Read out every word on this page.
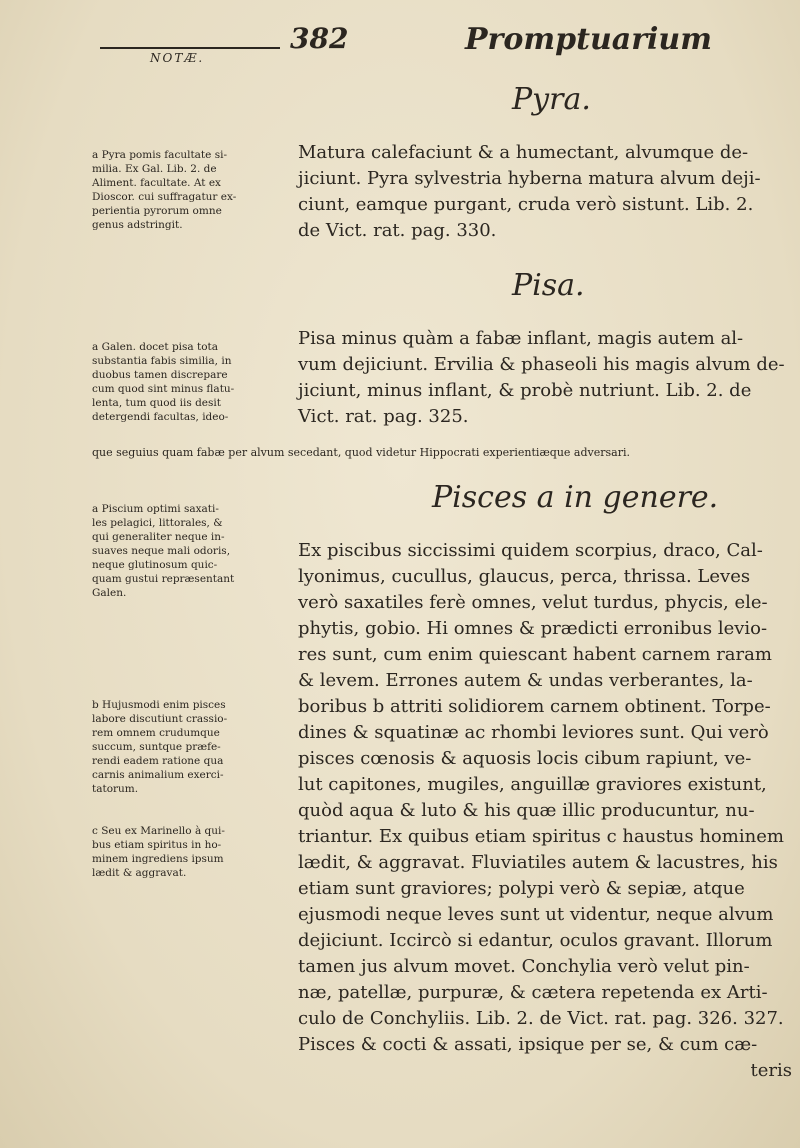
NOTÆ.
382	Promptuarium
Pyra.
a Pyra pomis facultate si-
milia. Ex Gal. Lib. 2. de
Aliment. facultate. At ex
Dioscor. cui suffragatur ex-
perientia pyrorum omne
genus adstringit.
Matura calefaciunt & a humectant, alvumque de-
jiciunt. Pyra sylvestria hyberna matura alvum deji-
ciunt, eamque purgant, cruda verò sistunt. Lib. 2.
de Vict. rat. pag. 330.
Pisa.
a Galen. docet pisa tota
substantia fabis similia, in
duobus tamen discrepare
cum quod sint minus flatu-
lenta, tum quod iis desit
detergendi facultas, ideo-
Pisa minus quàm a fabæ inflant, magis autem al-
vum dejiciunt. Ervilia & phaseoli his magis alvum de-
jiciunt, minus inflant, & probè nutriunt. Lib. 2. de
Vict. rat. pag. 325.
que seguius quam fabæ per alvum secedant, quod videtur Hippocrati experientiæque adversari.
Pisces a in genere.
a Piscium optimi saxati-
les pelagici, littorales, &
qui generaliter neque in-
suaves neque mali odoris,
neque glutinosum quic-
quam gustui repræsentant
Galen.
b Hujusmodi enim pisces
labore discutiunt crassio-
rem omnem crudumque
succum, suntque præfe-
rendi eadem ratione qua
carnis animalium exerci-
tatorum.
c Seu ex Marinello à qui-
bus etiam spiritus in ho-
minem ingrediens ipsum
lædit & aggravat.
Ex piscibus siccissimi quidem scorpius, draco, Cal-
lyonimus, cucullus, glaucus, perca, thrissa. Leves
verò saxatiles ferè omnes, velut turdus, phycis, ele-
phytis, gobio. Hi omnes & prædicti erronibus levio-
res sunt, cum enim quiescant habent carnem raram
& levem. Errones autem & undas verberantes, la-
boribus b attriti solidiorem carnem obtinent. Torpe-
dines & squatinæ ac rhombi leviores sunt. Qui verò
pisces cœnosis & aquosis locis cibum rapiunt, ve-
lut capitones, mugiles, anguillæ graviores existunt,
quòd aqua & luto & his quæ illic producuntur, nu-
triantur. Ex quibus etiam spiritus c haustus hominem
lædit, & aggravat. Fluviatiles autem & lacustres, his
etiam sunt graviores; polypi verò & sepiæ, atque
ejusmodi neque leves sunt ut videntur, neque alvum
dejiciunt. Iccircò si edantur, oculos gravant. Illorum
tamen jus alvum movet. Conchylia verò velut pin-
næ, patellæ, purpuræ, & cætera repetenda ex Arti-
culo de Conchyliis. Lib. 2. de Vict. rat. pag. 326. 327.
Pisces & cocti & assati, ipsique per se, & cum cæ-
teris
